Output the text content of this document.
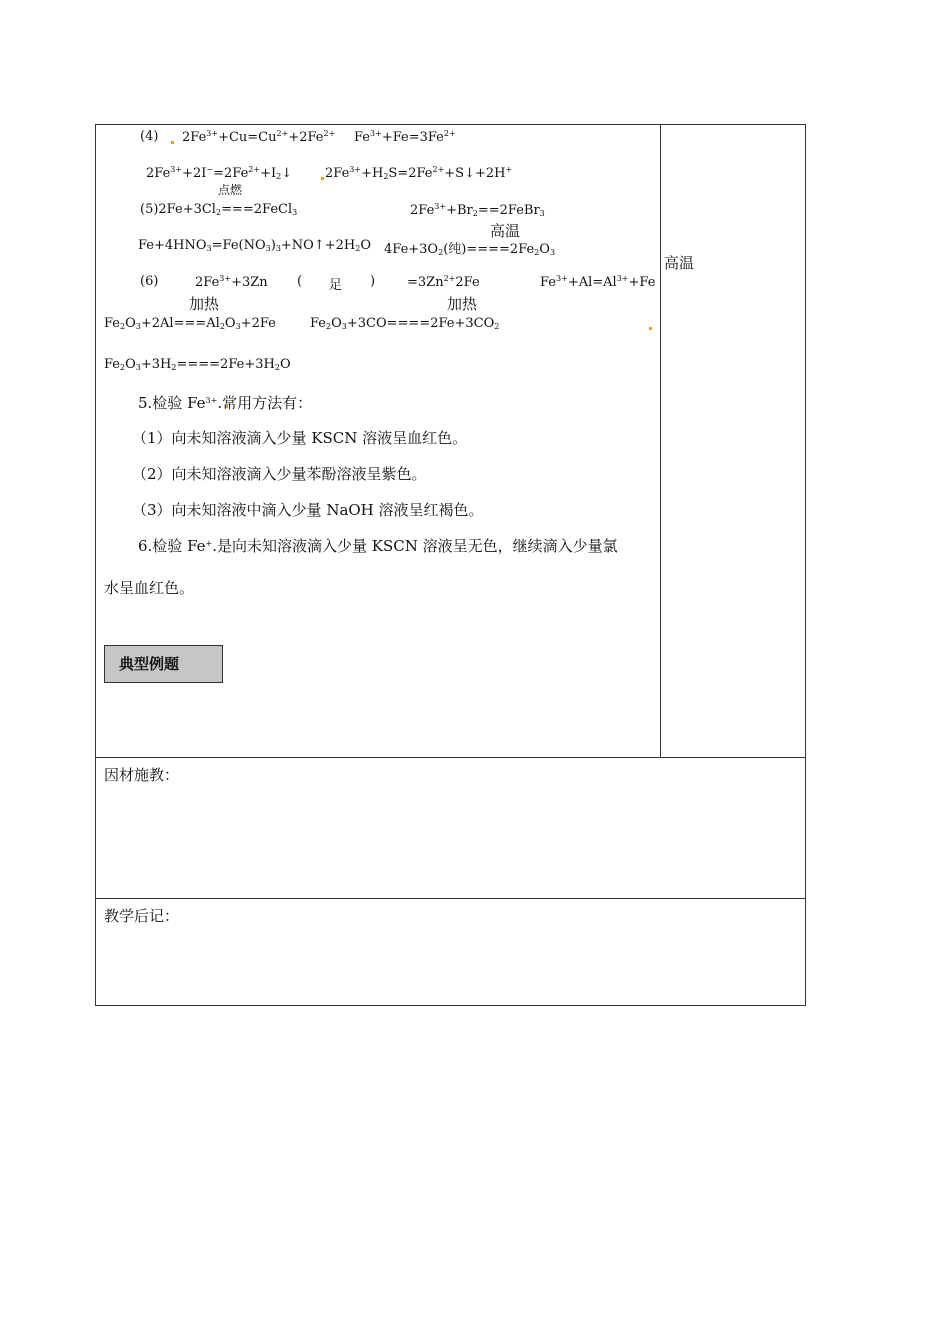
(4) $2Fe^{3+}+Cu=Cu^{2+}+2Fe^{2+}$ $Fe^{3+}+Fe=3Fe^{2+}$
$2Fe^{3+}+2I^-=2Fe^{2+}+I_2↓$	$2Fe^{3+}+H_2S=2Fe^{2+}+S↓+2H^+$
点燃
$(5)2Fe+3Cl_2===2FeCl_3$	$2Fe^{3+}+Br_2==2FeBr_3$
高温
$Fe+4HNO_3=Fe(NO_3)_3+NO↑+2H_2O$ $4Fe+3O_2$(纯)$====2Fe_2O_3$
(6)	$2Fe^{3+}+3Zn$ ( 足 ) $=3Zn^{2+}2Fe$	$Fe^{3+}+Al=Al^{3+}+Fe$
加热	加热
$Fe_2O_3+2Al===Al_2O_3+2Fe$	$Fe_2O_3+3CO====2Fe+3CO_2$
$Fe_2O_3+3H_2====2Fe+3H_2O$
5.检验 $Fe^{3+}$.常用方法有：
（1）向未知溶液滴入少量 KSCN 溶液呈血红色。
（2）向未知溶液滴入少量苯酚溶液呈紫色。
（3）向未知溶液中滴入少量 NaOH 溶液呈红褐色。
6.检验 Fe+.是向未知溶液滴入少量 KSCN 溶液呈无色，继续滴入少量氯
水呈血红色。
典型例题
高温
因材施教：
教学后记：
